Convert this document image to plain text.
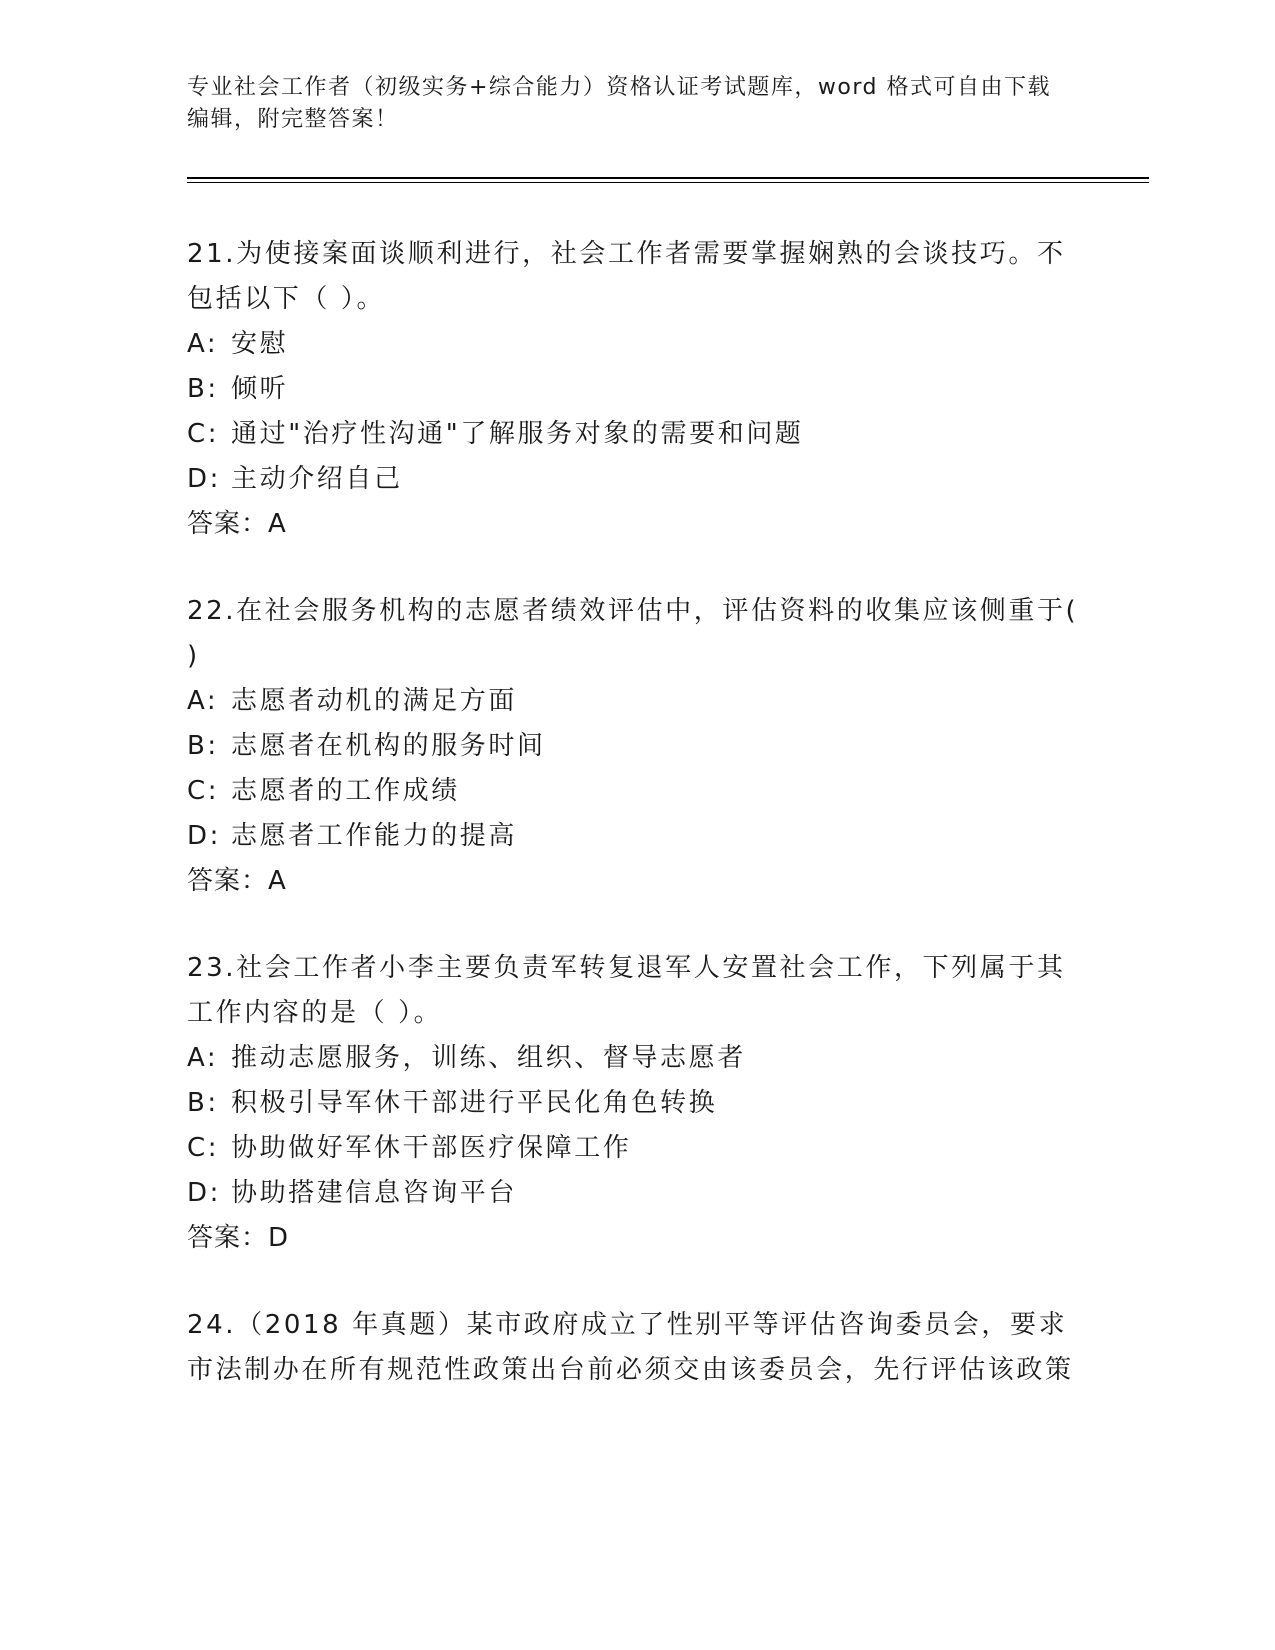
专业社会工作者（初级实务+综合能力）资格认证考试题库，word 格式可自由下载
编辑，附完整答案！
21.为使接案面谈顺利进行，社会工作者需要掌握娴熟的会谈技巧。不包括以下（ ）。
A: 安慰
B: 倾听
C: 通过"治疗性沟通"了解服务对象的需要和问题
D: 主动介绍自己
答案：A
22.在社会服务机构的志愿者绩效评估中，评估资料的收集应该侧重于( )
A: 志愿者动机的满足方面
B: 志愿者在机构的服务时间
C: 志愿者的工作成绩
D: 志愿者工作能力的提高
答案：A
23.社会工作者小李主要负责军转复退军人安置社会工作，下列属于其工作内容的是（ ）。
A: 推动志愿服务，训练、组织、督导志愿者
B: 积极引导军休干部进行平民化角色转换
C: 协助做好军休干部医疗保障工作
D: 协助搭建信息咨询平台
答案：D
24.（2018 年真题）某市政府成立了性别平等评估咨询委员会，要求市法制办在所有规范性政策出台前必须交由该委员会，先行评估该政策
